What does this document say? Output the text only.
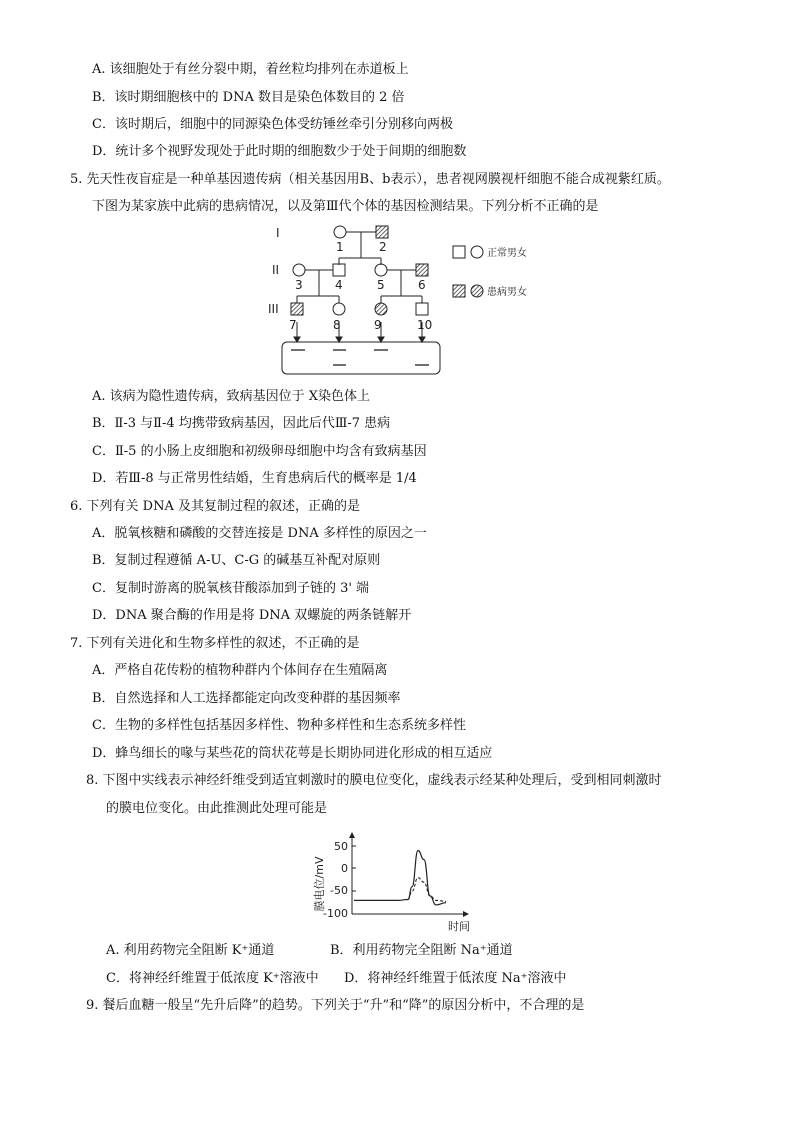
A. 该细胞处于有丝分裂中期，着丝粒均排列在赤道板上
B．该时期细胞核中的 DNA 数目是染色体数目的 2 倍
C．该时期后，细胞中的同源染色体受纺锤丝牵引分别移向两极
D．统计多个视野发现处于此时期的细胞数少于处于间期的细胞数
5. 先天性夜盲症是一种单基因遗传病（相关基因用B、b表示），患者视网膜视杆细胞不能合成视紫红质。
下图为某家族中此病的患病情况，以及第Ⅲ代个体的基因检测结果。下列分析不正确的是
I
II
III
1	2
3	4	5	6
7	8	9	10
正常男女
患病男女
A. 该病为隐性遗传病，致病基因位于 X染色体上
B．Ⅱ-3 与Ⅱ-4 均携带致病基因，因此后代Ⅲ-7 患病
C．Ⅱ-5 的小肠上皮细胞和初级卵母细胞中均含有致病基因
D．若Ⅲ-8 与正常男性结婚，生育患病后代的概率是 1/4
6. 下列有关 DNA 及其复制过程的叙述，正确的是
A．脱氧核糖和磷酸的交替连接是 DNA 多样性的原因之一
B．复制过程遵循 A-U、C-G 的碱基互补配对原则
C．复制时游离的脱氧核苷酸添加到子链的 3' 端
D．DNA 聚合酶的作用是将 DNA 双螺旋的两条链解开
7. 下列有关进化和生物多样性的叙述，不正确的是
A．严格自花传粉的植物种群内个体间存在生殖隔离
B．自然选择和人工选择都能定向改变种群的基因频率
C．生物的多样性包括基因多样性、物种多样性和生态系统多样性
D．蜂鸟细长的喙与某些花的筒状花萼是长期协同进化形成的相互适应
8. 下图中实线表示神经纤维受到适宜刺激时的膜电位变化，虚线表示经某种处理后，受到相同刺激时
的膜电位变化。由此推测此处理可能是
膜电位/mV
50
0
-50
-100
时间
A. 利用药物完全阻断 K⁺通道	B．利用药物完全阻断 Na⁺通道
C．将神经纤维置于低浓度 K⁺溶液中 D．将神经纤维置于低浓度 Na⁺溶液中
9. 餐后血糖一般呈“先升后降”的趋势。下列关于“升”和“降”的原因分析中，不合理的是
